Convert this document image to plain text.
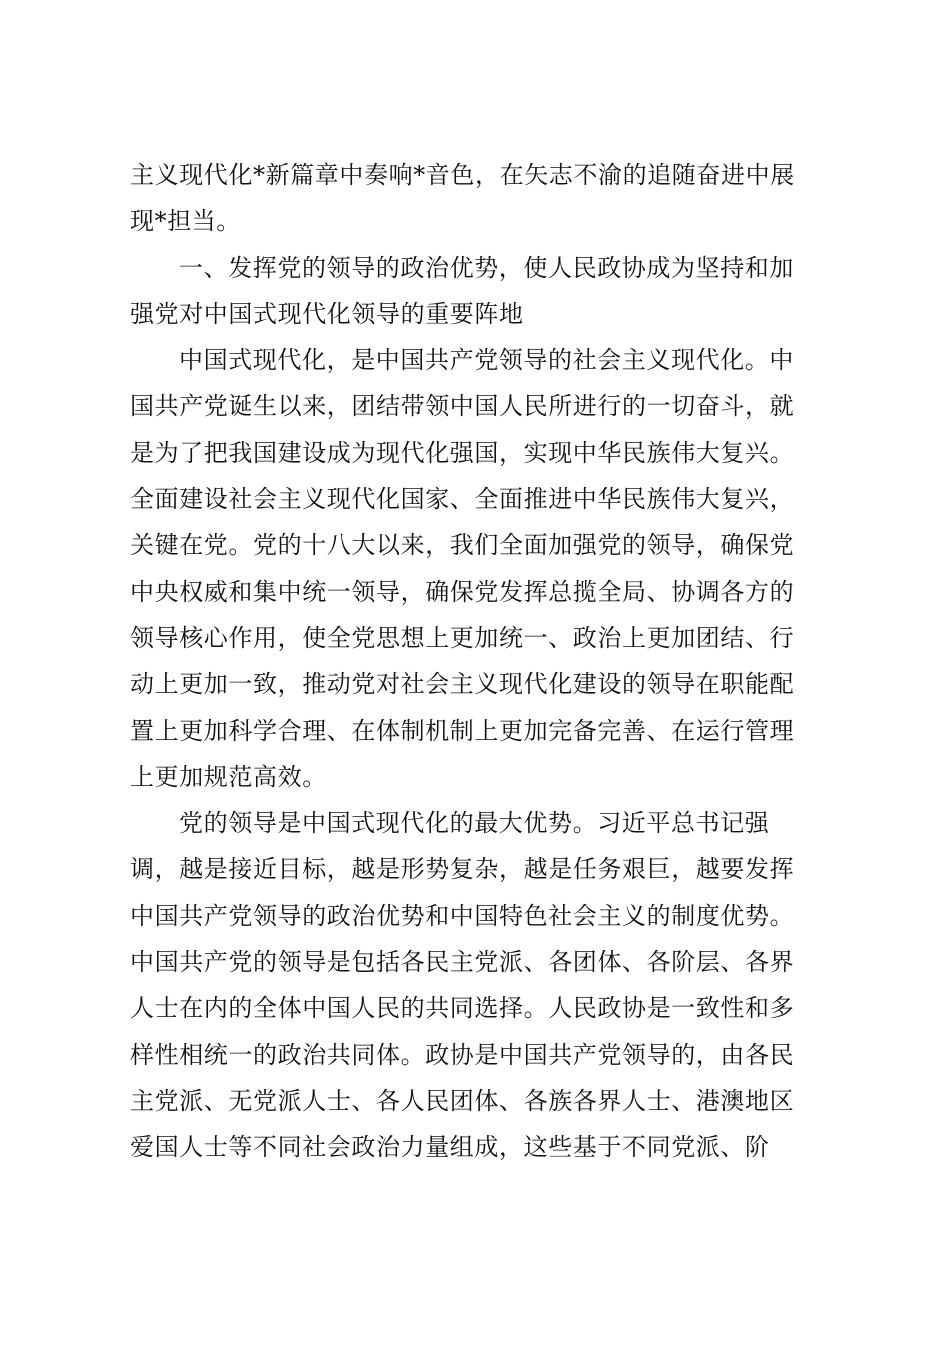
主义现代化*新篇章中奏响*音色，在矢志不渝的追随奋进中展
现*担当。
一、发挥党的领导的政治优势，使人民政协成为坚持和加
强党对中国式现代化领导的重要阵地
中国式现代化，是中国共产党领导的社会主义现代化。中
国共产党诞生以来，团结带领中国人民所进行的一切奋斗，就
是为了把我国建设成为现代化强国，实现中华民族伟大复兴。
全面建设社会主义现代化国家、全面推进中华民族伟大复兴，
关键在党。党的十八大以来，我们全面加强党的领导，确保党
中央权威和集中统一领导，确保党发挥总揽全局、协调各方的
领导核心作用，使全党思想上更加统一、政治上更加团结、行
动上更加一致，推动党对社会主义现代化建设的领导在职能配
置上更加科学合理、在体制机制上更加完备完善、在运行管理
上更加规范高效。
党的领导是中国式现代化的最大优势。习近平总书记强
调，越是接近目标，越是形势复杂，越是任务艰巨，越要发挥
中国共产党领导的政治优势和中国特色社会主义的制度优势。
中国共产党的领导是包括各民主党派、各团体、各阶层、各界
人士在内的全体中国人民的共同选择。人民政协是一致性和多
样性相统一的政治共同体。政协是中国共产党领导的，由各民
主党派、无党派人士、各人民团体、各族各界人士、港澳地区
爱国人士等不同社会政治力量组成，这些基于不同党派、阶
